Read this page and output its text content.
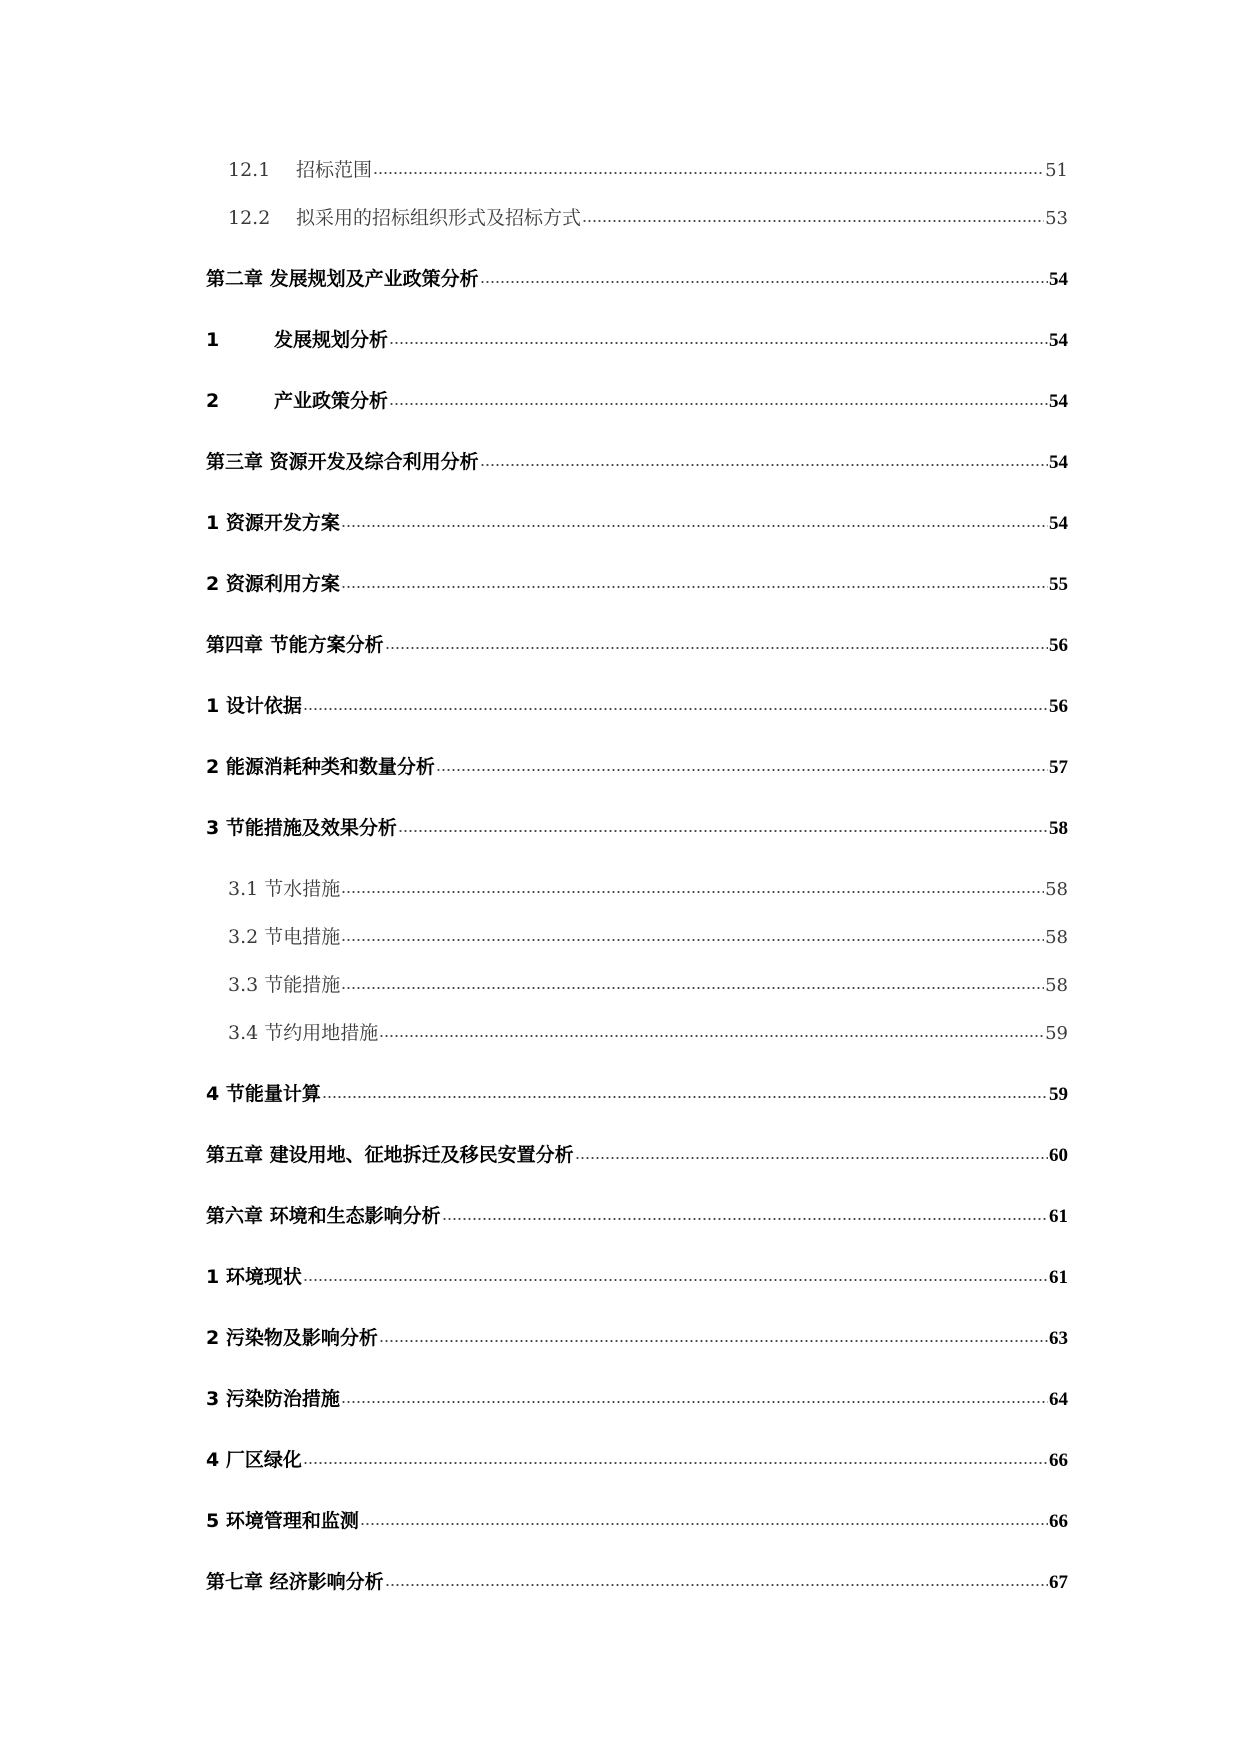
12.1	招标范围	51
12.2	拟采用的招标组织形式及招标方式	53
第二章 发展规划及产业政策分析	54
1	发展规划分析	54
2	产业政策分析	54
第三章 资源开发及综合利用分析	54
1 资源开发方案	54
2 资源利用方案	55
第四章 节能方案分析	56
1 设计依据	56
2 能源消耗种类和数量分析	57
3 节能措施及效果分析	58
3.1 节水措施	58
3.2 节电措施	58
3.3 节能措施	58
3.4 节约用地措施	59
4 节能量计算	59
第五章 建设用地、征地拆迁及移民安置分析	60
第六章 环境和生态影响分析	61
1 环境现状	61
2 污染物及影响分析	63
3 污染防治措施	64
4 厂区绿化	66
5 环境管理和监测	66
第七章 经济影响分析	67
